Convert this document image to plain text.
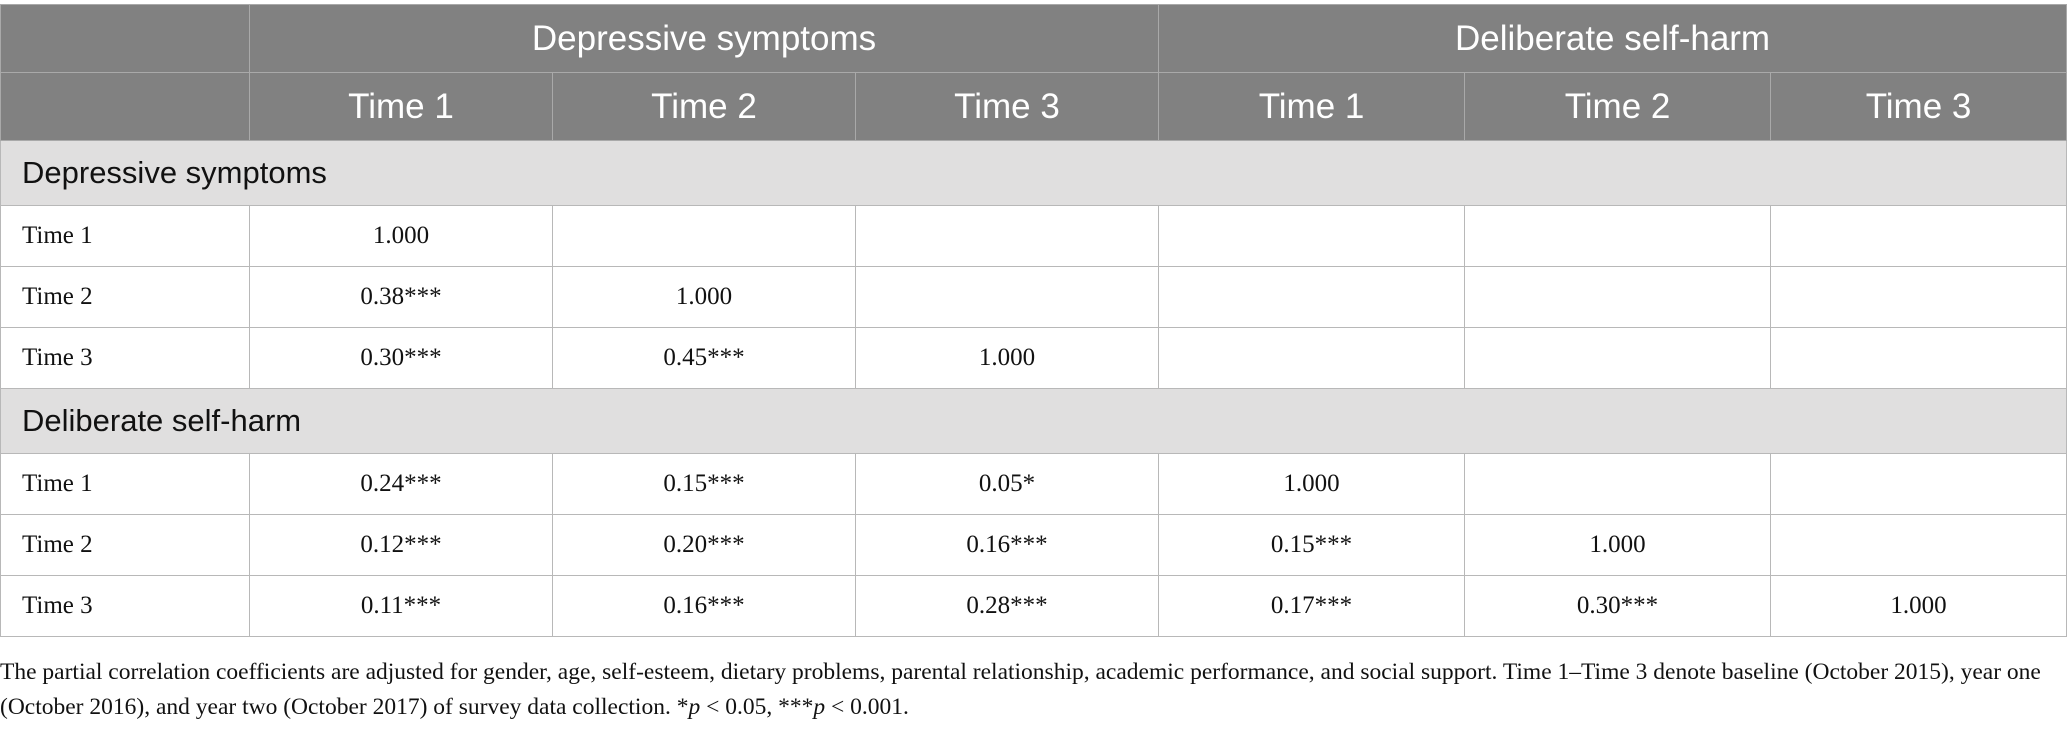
	Depressive symptoms			Deliberate self-harm		
	Time 1	Time 2	Time 3	Time 1	Time 2	Time 3
Depressive symptoms						
Time 1	1.000					
Time 2	0.38***	1.000				
Time 3	0.30***	0.45***	1.000			
Deliberate self-harm						
Time 1	0.24***	0.15***	0.05*	1.000		
Time 2	0.12***	0.20***	0.16***	0.15***	1.000	
Time 3	0.11***	0.16***	0.28***	0.17***	0.30***	1.000
The partial correlation coefficients are adjusted for gender, age, self-esteem, dietary problems, parental relationship, academic performance, and social support. Time 1–Time 3 denote baseline (October 2015), year one (October 2016), and year two (October 2017) of survey data collection. *p < 0.05, ***p < 0.001.
